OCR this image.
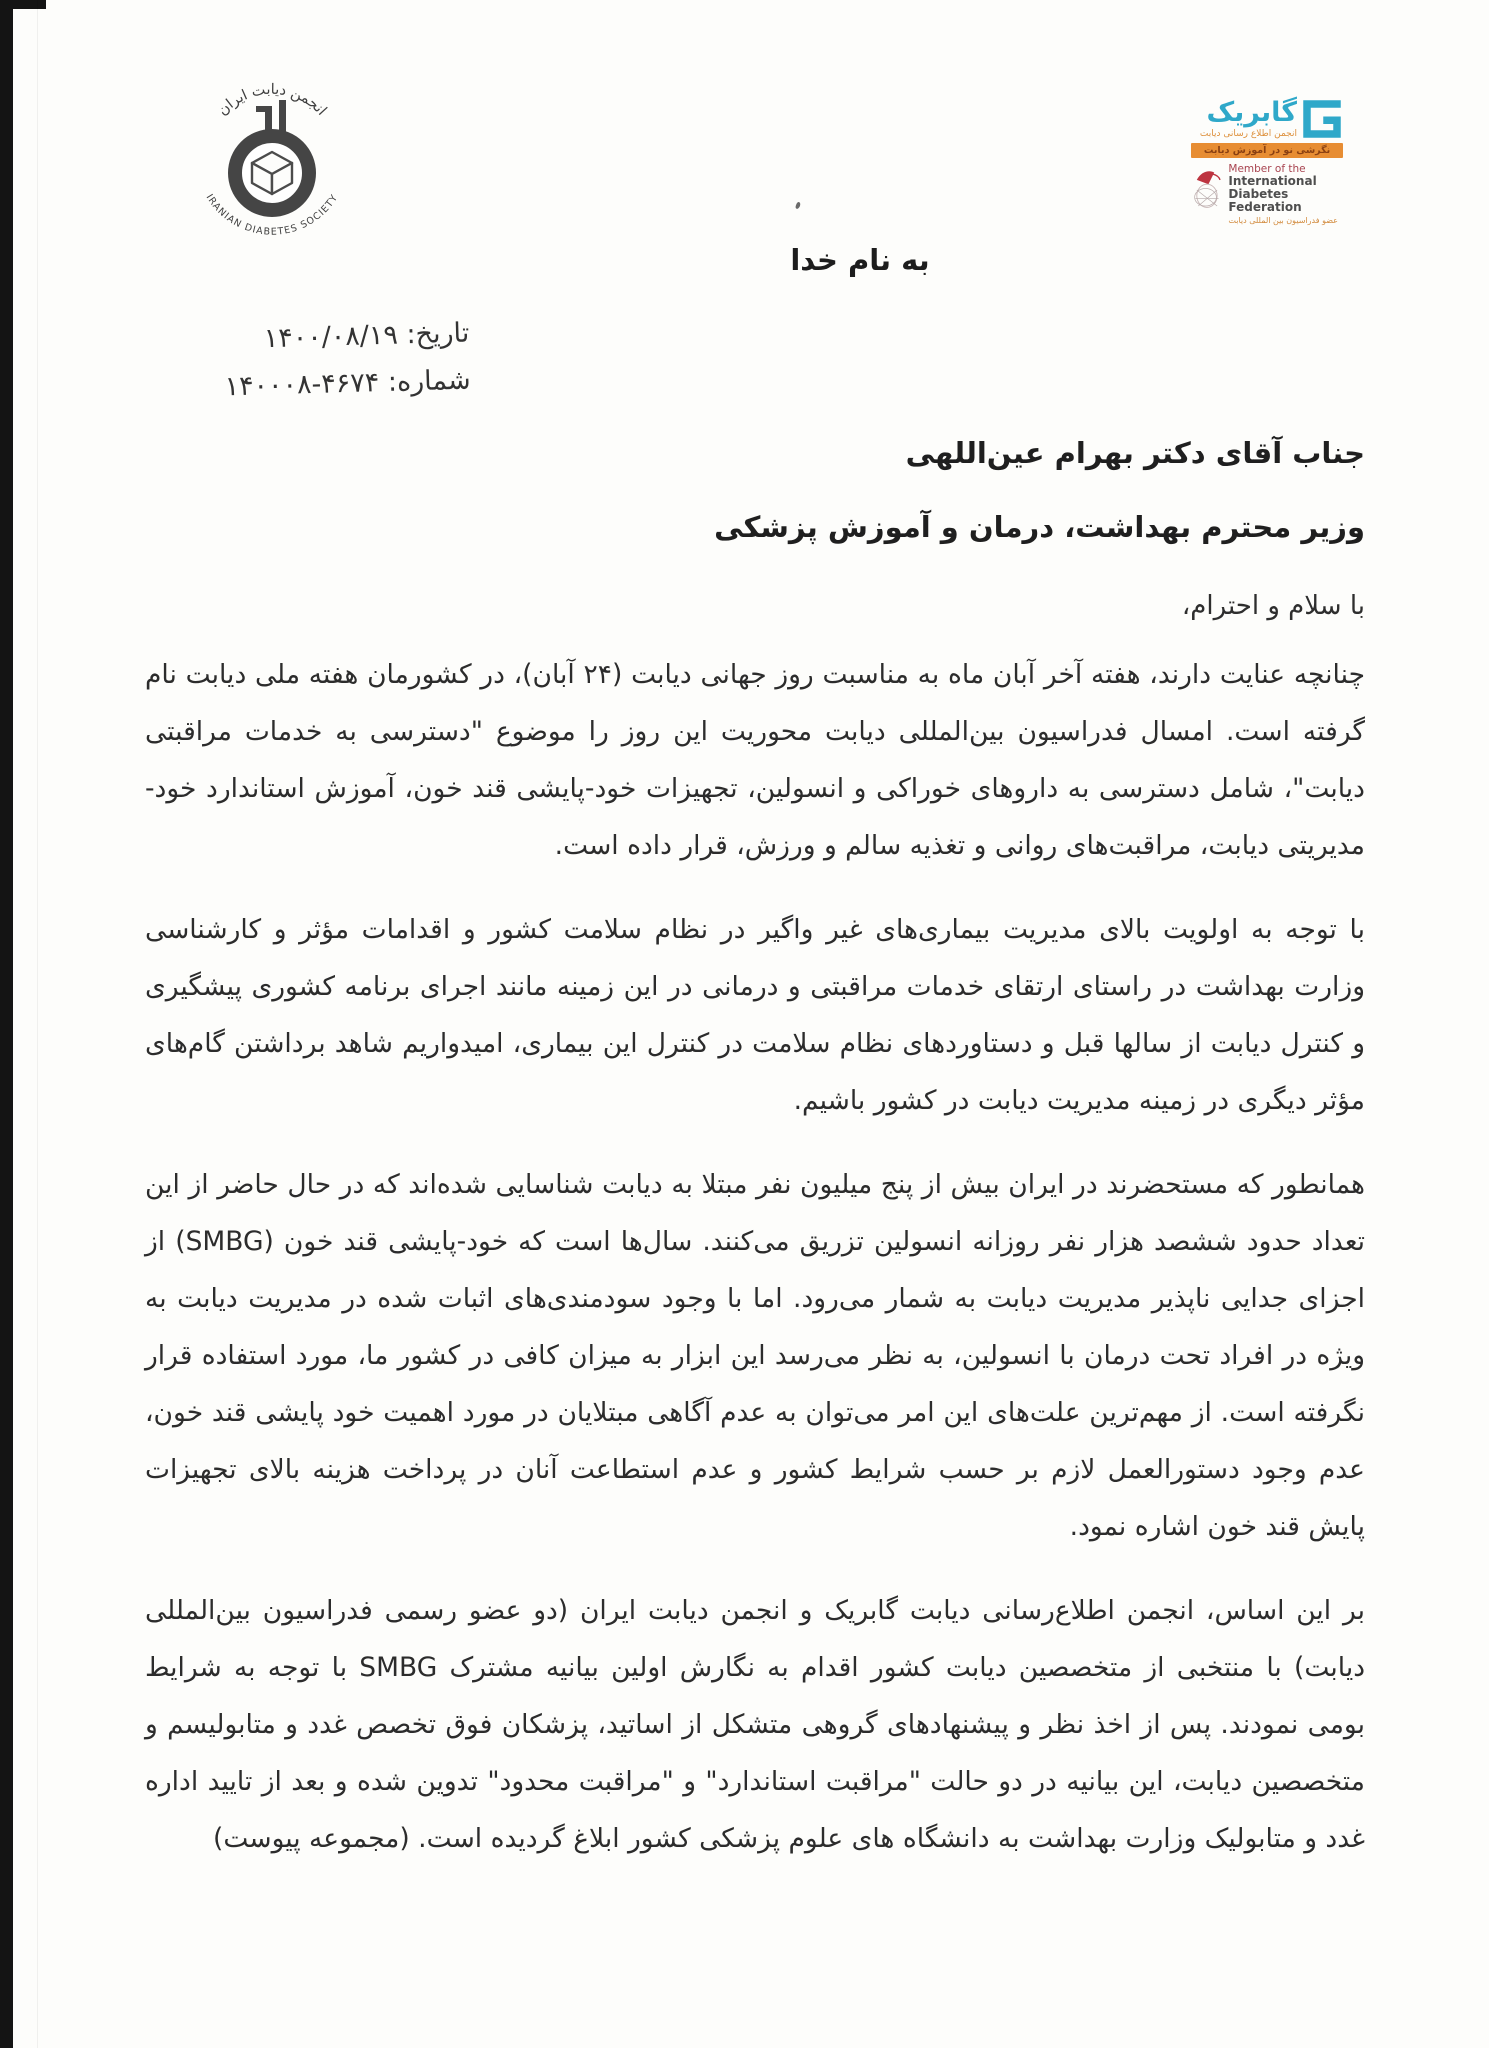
انجمن دیابت ایران
IRANIAN DIABETES SOCIETY
گابریک
انجمن اطلاع رسانی دیابت
نگرشی نو در آموزش دیابت
Member of the
International
Diabetes Federation
عضو فدراسیون بین المللی دیابت
به نام خدا
تاریخ: ۱۴۰۰/۰۸/۱۹
شماره: ۱۴۰۰۰۸-۴۶۷۴
جناب آقای دکتر بهرام عین‌اللهی
وزیر محترم بهداشت، درمان و آموزش پزشکی
با سلام و احترام،

چنانچه عنایت دارند، هفته آخر آبان ماه به مناسبت روز جهانی دیابت (۲۴ آبان)، در کشورمان هفته ملی دیابت نام گرفته است. امسال فدراسیون بین‌المللی دیابت محوریت این روز را موضوع "دسترسی به خدمات مراقبتی دیابت"، شامل دسترسی به داروهای خوراکی و انسولین، تجهیزات خود-پایشی قند خون، آموزش استاندارد خود-مدیریتی دیابت، مراقبت‌های روانی و تغذیه سالم و ورزش، قرار داده است.

با توجه به اولویت بالای مدیریت بیماری‌های غیر واگیر در نظام سلامت کشور و اقدامات مؤثر و کارشناسی وزارت بهداشت در راستای ارتقای خدمات مراقبتی و درمانی در این زمینه مانند اجرای برنامه کشوری پیشگیری و کنترل دیابت از سالها قبل و دستاوردهای نظام سلامت در کنترل این بیماری، امیدواریم شاهد برداشتن گام‌های مؤثر دیگری در زمینه مدیریت دیابت در کشور باشیم.

همانطور که مستحضرند در ایران بیش از پنج میلیون نفر مبتلا به دیابت شناسایی شده‌اند که در حال حاضر از این تعداد حدود ششصد هزار نفر روزانه انسولین تزریق می‌کنند. سال‌ها است که خود-پایشی قند خون (SMBG) از اجزای جدایی ناپذیر مدیریت دیابت به شمار می‌رود. اما با وجود سودمندی‌های اثبات شده در مدیریت دیابت به ویژه در افراد تحت درمان با انسولین، به نظر می‌رسد این ابزار به میزان کافی در کشور ما، مورد استفاده قرار نگرفته است. از مهم‌ترین علت‌های این امر می‌توان به عدم آگاهی مبتلایان در مورد اهمیت خود پایشی قند خون، عدم وجود دستورالعمل لازم بر حسب شرایط کشور و عدم استطاعت آنان در پرداخت هزینه بالای تجهیزات پایش قند خون اشاره نمود.

بر این اساس، انجمن اطلاع‌رسانی دیابت گابریک و انجمن دیابت ایران (دو عضو رسمی فدراسیون بین‌المللی دیابت) با منتخبی از متخصصین دیابت کشور اقدام به نگارش اولین بیانیه مشترک SMBG با توجه به شرایط بومی نمودند. پس از اخذ نظر و پیشنهادهای گروهی متشکل از اساتید، پزشکان فوق تخصص غدد و متابولیسم و متخصصین دیابت، این بیانیه در دو حالت "مراقبت استاندارد" و "مراقبت محدود" تدوین شده و بعد از تایید اداره غدد و متابولیک وزارت بهداشت به دانشگاه های علوم پزشکی کشور ابلاغ گردیده است. (مجموعه پیوست)
